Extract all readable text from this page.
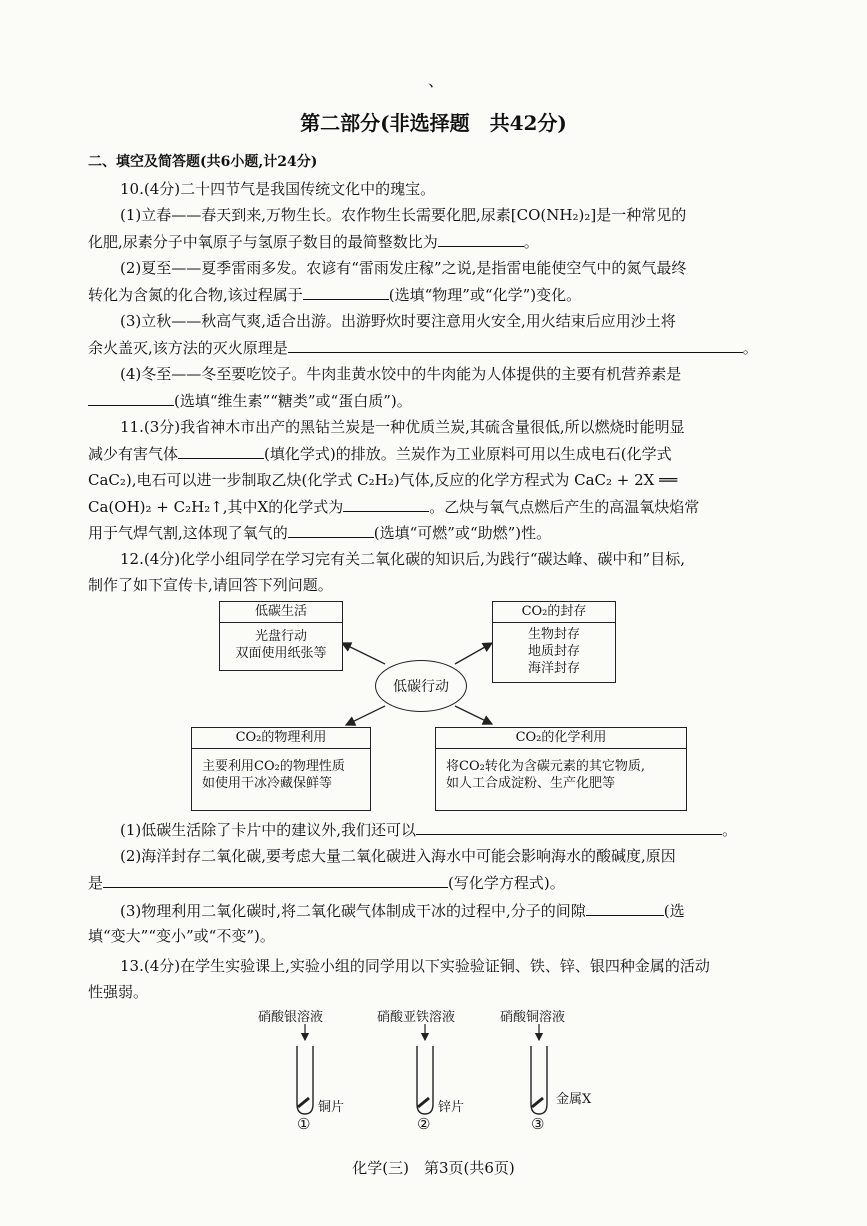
、
第二部分(非选择题　共42分)
二、填空及简答题(共6小题,计24分)
10.(4分)二十四节气是我国传统文化中的瑰宝。
(1)立春——春天到来,万物生长。农作物生长需要化肥,尿素[CO(NH₂)₂]是一种常见的
化肥,尿素分子中氧原子与氢原子数目的最简整数比为	。
(2)夏至——夏季雷雨多发。农谚有“雷雨发庄稼”之说,是指雷电能使空气中的氮气最终
转化为含氮的化合物,该过程属于	(选填“物理”或“化学”)变化。
(3)立秋——秋高气爽,适合出游。出游野炊时要注意用火安全,用火结束后应用沙土将
余火盖灭,该方法的灭火原理是	。
(4)冬至——冬至要吃饺子。牛肉韭黄水饺中的牛肉能为人体提供的主要有机营养素是
(选填“维生素”“糖类”或“蛋白质”)。
11.(3分)我省神木市出产的黑钻兰炭是一种优质兰炭,其硫含量很低,所以燃烧时能明显
减少有害气体	(填化学式)的排放。兰炭作为工业原料可用以生成电石(化学式
CaC₂),电石可以进一步制取乙炔(化学式 C₂H₂)气体,反应的化学方程式为 CaC₂ + 2X ══
Ca(OH)₂ + C₂H₂↑,其中X的化学式为	。乙炔与氧气点燃后产生的高温氧炔焰常
用于气焊气割,这体现了氧气的	(选填“可燃”或“助燃”)性。
12.(4分)化学小组同学在学习完有关二氧化碳的知识后,为践行“碳达峰、碳中和”目标,
制作了如下宣传卡,请回答下列问题。
低碳生活
光盘行动
双面使用纸张等
CO₂的封存
生物封存
地质封存
海洋封存
低碳行动
CO₂的物理利用
主要利用CO₂的物理性质
如使用干冰冷藏保鲜等
CO₂的化学利用
将CO₂转化为含碳元素的其它物质,
如人工合成淀粉、生产化肥等
(1)低碳生活除了卡片中的建议外,我们还可以	。
(2)海洋封存二氧化碳,要考虑大量二氧化碳进入海水中可能会影响海水的酸碱度,原因
是	(写化学方程式)。
(3)物理利用二氧化碳时,将二氧化碳气体制成干冰的过程中,分子的间隙	(选
填“变大”“变小”或“不变”)。
13.(4分)在学生实验课上,实验小组的同学用以下实验验证铜、铁、锌、银四种金属的活动
性强弱。
硝酸银溶液	硝酸亚铁溶液	硝酸铜溶液
铜片	锌片
金属X
①	②	③
化学(三)　第3页(共6页)
